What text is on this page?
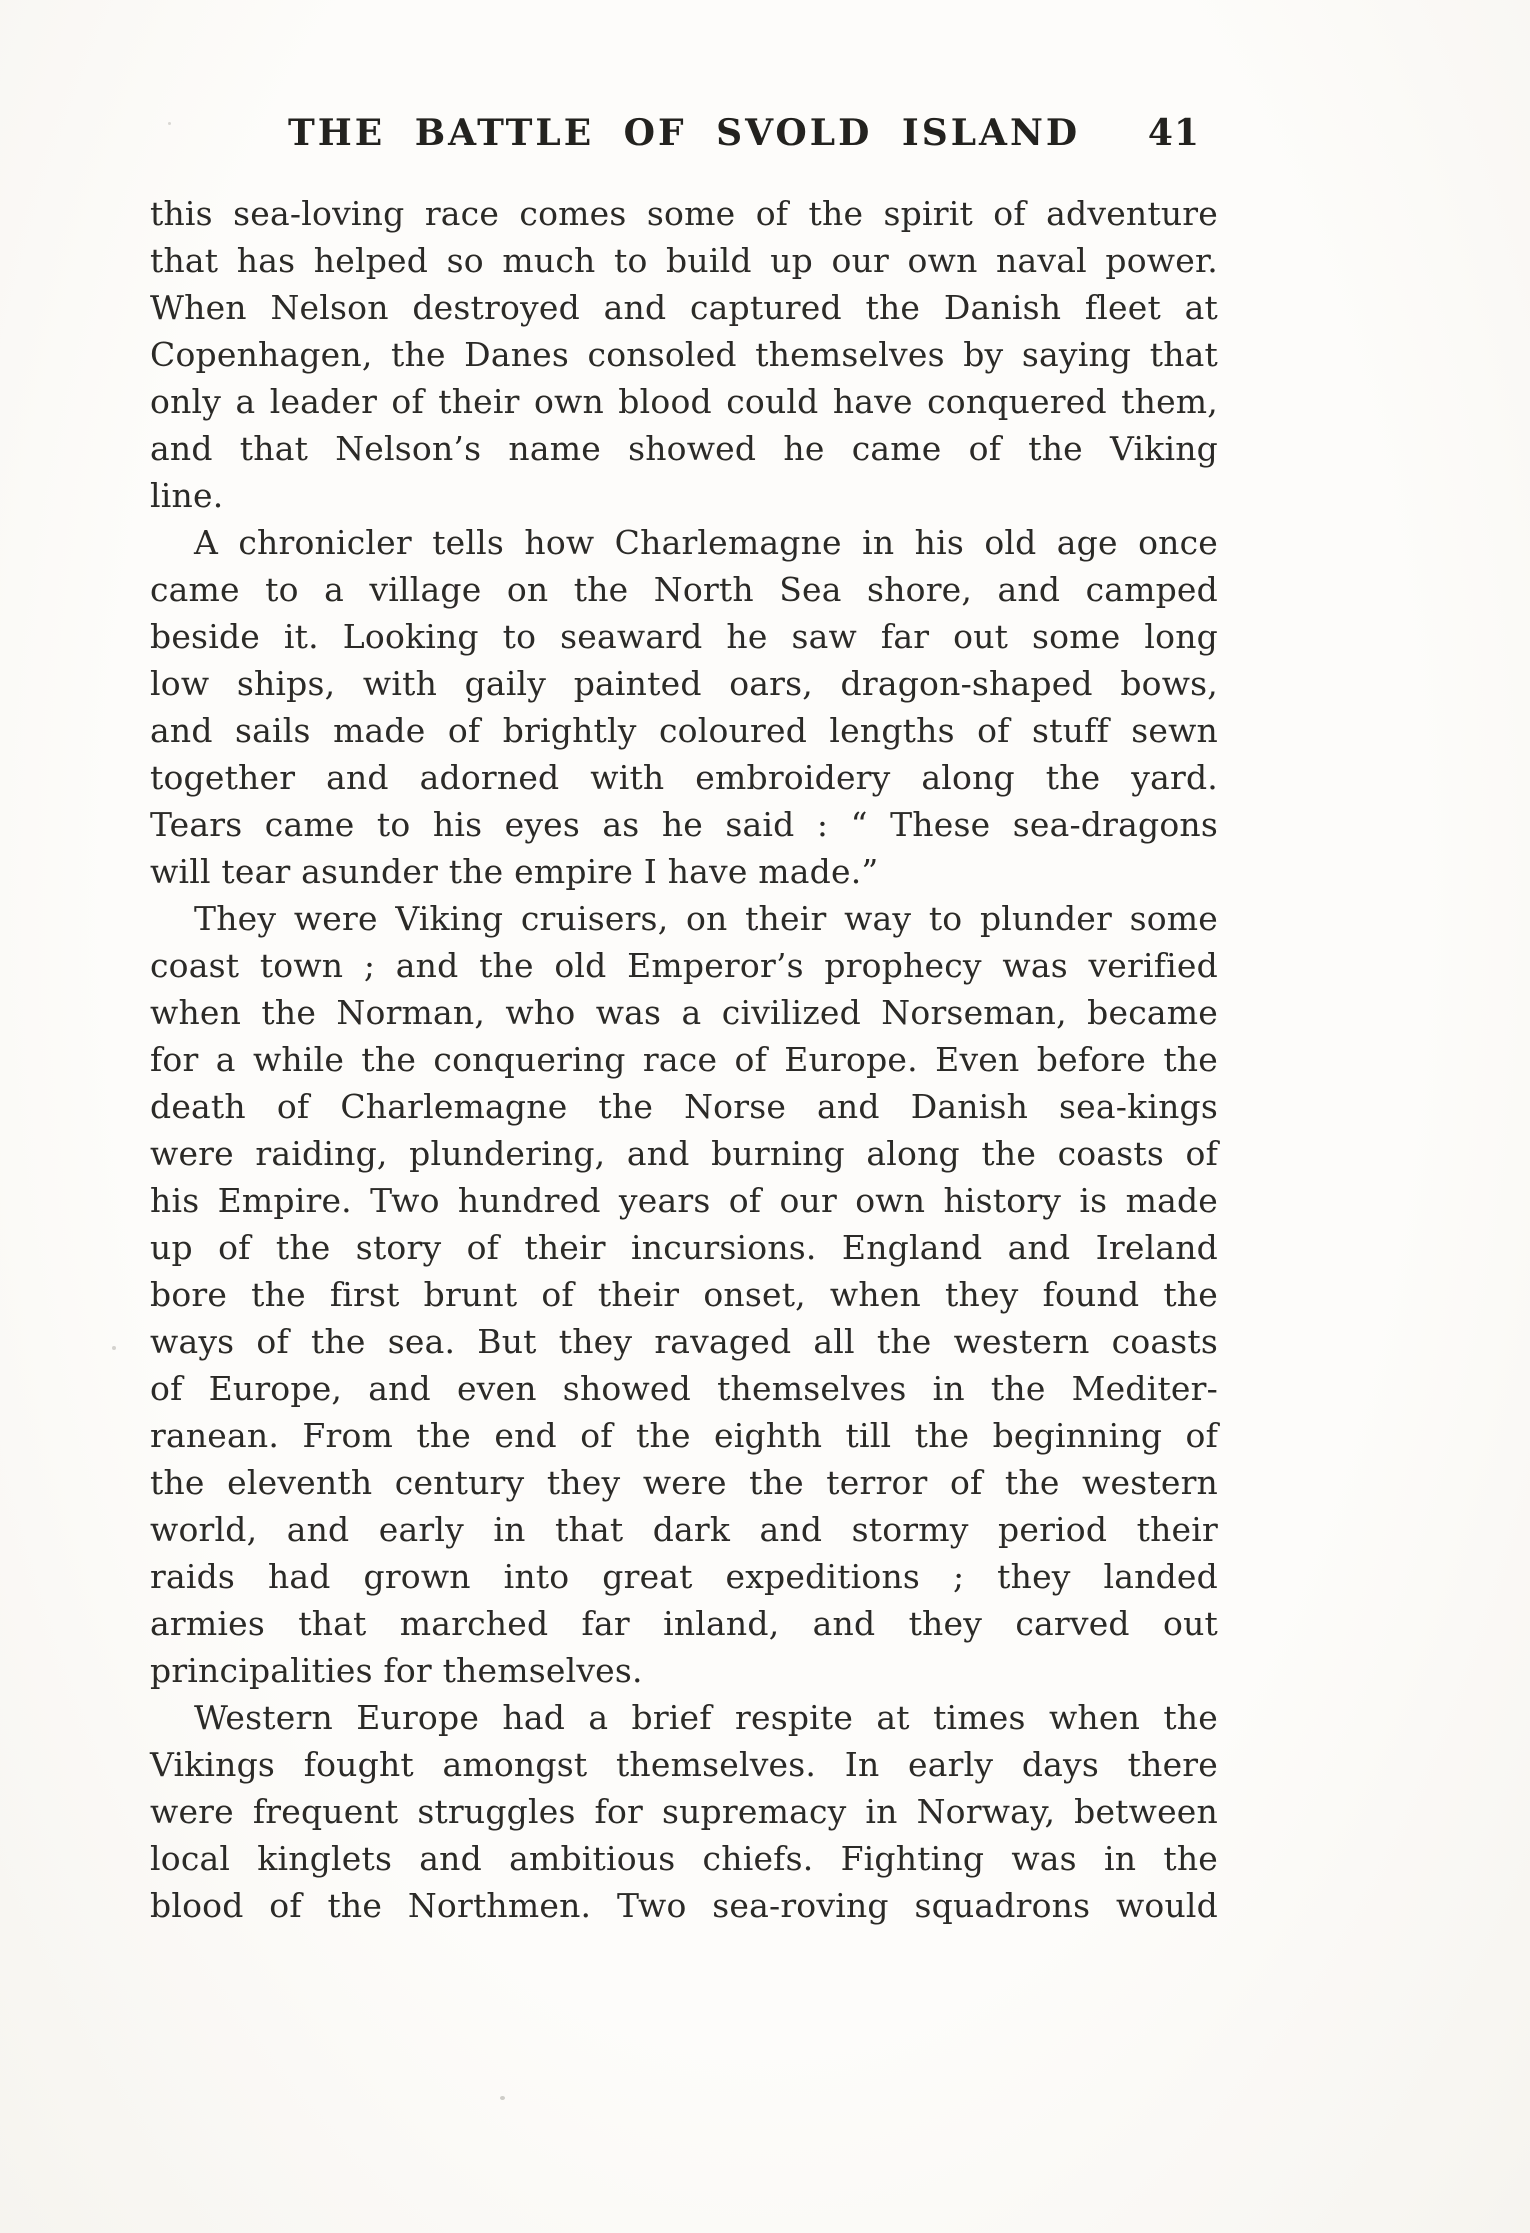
THE BATTLE OF SVOLD ISLAND	41
this sea-loving race comes some of the spirit of adventure
that has helped so much to build up our own naval power.
When Nelson destroyed and captured the Danish fleet at
Copenhagen, the Danes consoled themselves by saying that
only a leader of their own blood could have conquered them,
and that Nelson’s name showed he came of the Viking
line.
A chronicler tells how Charlemagne in his old age once
came to a village on the North Sea shore, and camped
beside it. Looking to seaward he saw far out some long
low ships, with gaily painted oars, dragon-shaped bows,
and sails made of brightly coloured lengths of stuff sewn
together and adorned with embroidery along the yard.
Tears came to his eyes as he said : “ These sea-dragons
will tear asunder the empire I have made.”
They were Viking cruisers, on their way to plunder some
coast town ; and the old Emperor’s prophecy was verified
when the Norman, who was a civilized Norseman, became
for a while the conquering race of Europe. Even before the
death of Charlemagne the Norse and Danish sea-kings
were raiding, plundering, and burning along the coasts of
his Empire. Two hundred years of our own history is made
up of the story of their incursions. England and Ireland
bore the first brunt of their onset, when they found the
ways of the sea. But they ravaged all the western coasts
of Europe, and even showed themselves in the Mediter-
ranean. From the end of the eighth till the beginning of
the eleventh century they were the terror of the western
world, and early in that dark and stormy period their
raids had grown into great expeditions ; they landed
armies that marched far inland, and they carved out
principalities for themselves.
Western Europe had a brief respite at times when the
Vikings fought amongst themselves. In early days there
were frequent struggles for supremacy in Norway, between
local kinglets and ambitious chiefs. Fighting was in the
blood of the Northmen. Two sea-roving squadrons would
